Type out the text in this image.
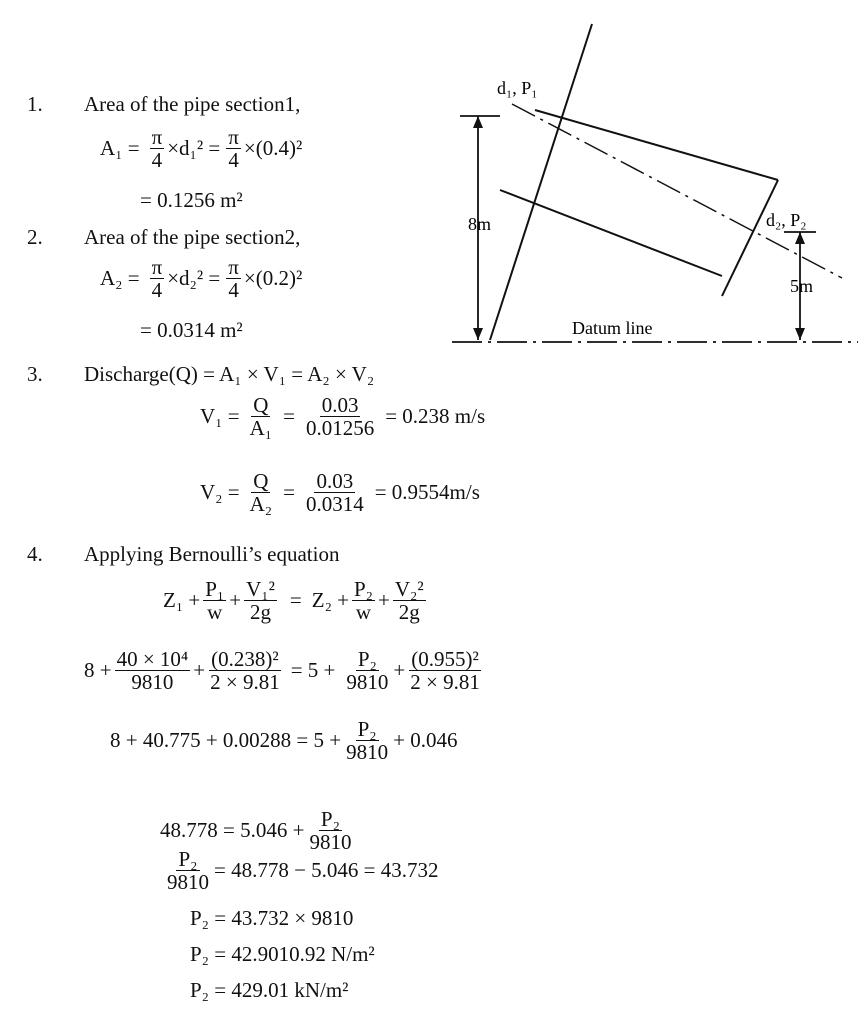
1. Area of the pipe section1,
$A_1 = \frac{\pi}{4} \times d_1^2 = \frac{\pi}{4} \times(0.4)^2$
= 0.1256 m²
2. Area of the pipe section2,
$A_2 = \frac{\pi}{4} \times d_2^2 = \frac{\pi}{4} \times(0.2)^2$
= 0.0314 m²
3. Discharge(Q) = A₁ × V₁ = A₂ × V₂
$V_1 = \frac{Q}{\text{A₁}} = \frac{0.03}{0.01256} = 0.238$ m/s
$V_2 = \frac{Q}{\text{A₂}} = \frac{0.03}{0.0314} = 0.9554m/s$
4. Applying Bernoulli’s equation
$Z_1 + \frac{\text{P₁}}{w} + \frac{\text{V₁²}}{2g} = Z_2 + \frac{\text{P₂}}{w} + \frac{\text{V₂²}}{2g}$
$8 + \frac{\text{40 × 10⁴}}{9810} + \frac{\text{(0.238)²}}{2 \times 9.81} = 5 + \frac{\text{P₂}}{9810} + \frac{\text{(0.955)²}}{2 \times 9.81}$
$8 + 40.775 + 0.00288 = 5 + \frac{\text{P₂}}{9810} + 0.046$
$48.778 = 5.046 + \frac{\text{P₂}}{9810}$
$\frac{\text{P₂}}{9810} = 48.778 - 5.046 = 43.732$
P₂ = 43.732 × 9810
P₂ = 42.9010.92 N/m²
P₂ = 429.01 kN/m²
d₁, P₁
d₂, P₂
8m
5m
Datum line
